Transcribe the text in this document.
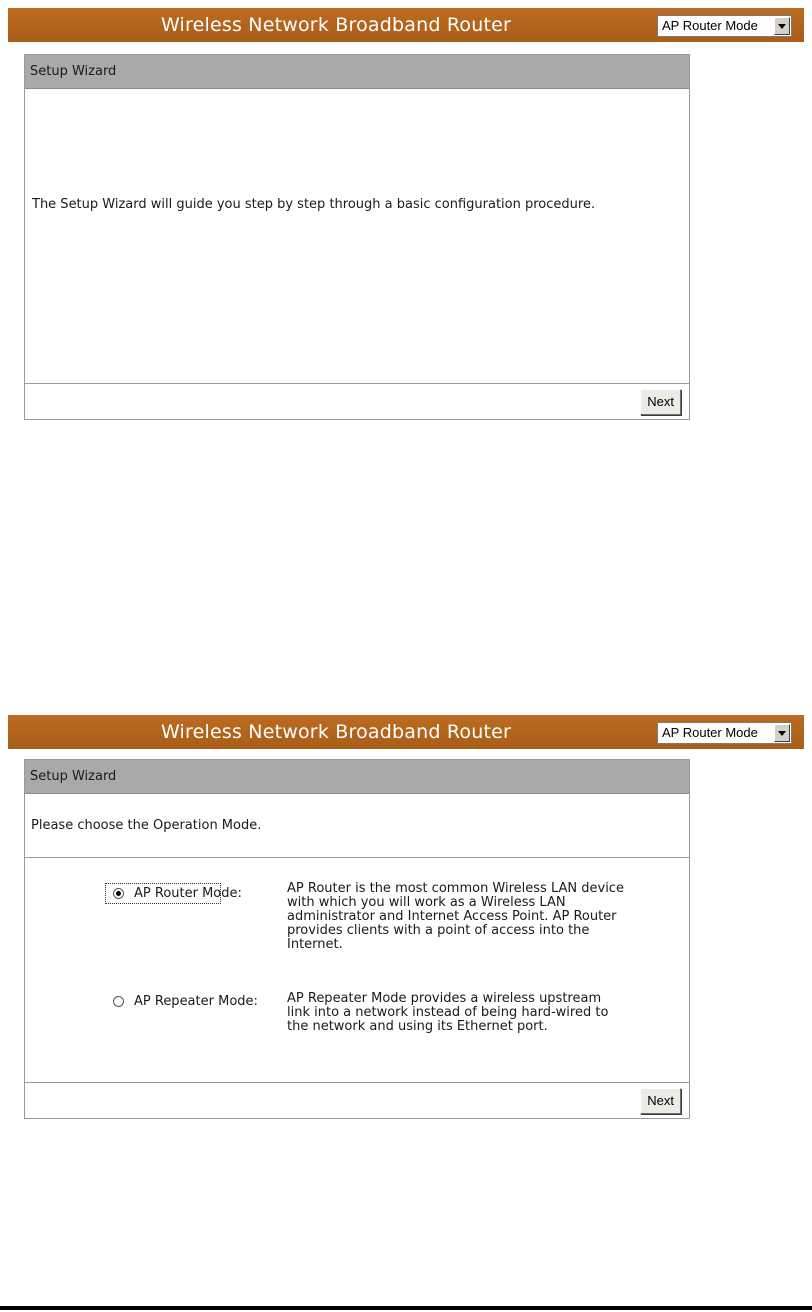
Wireless Network Broadband Router	AP Router Mode
Setup Wizard
The Setup Wizard will guide you step by step through a basic configuration procedure.
Next
Wireless Network Broadband Router	AP Router Mode
Setup Wizard
Please choose the Operation Mode.
AP Router Mode:	AP Router is the most common Wireless LAN device with which you will work as a Wireless LAN administrator and Internet Access Point. AP Router provides clients with a point of access into the Internet.
AP Repeater Mode: AP Repeater Mode provides a wireless upstream link into a network instead of being hard-wired to the network and using its Ethernet port.
Next
